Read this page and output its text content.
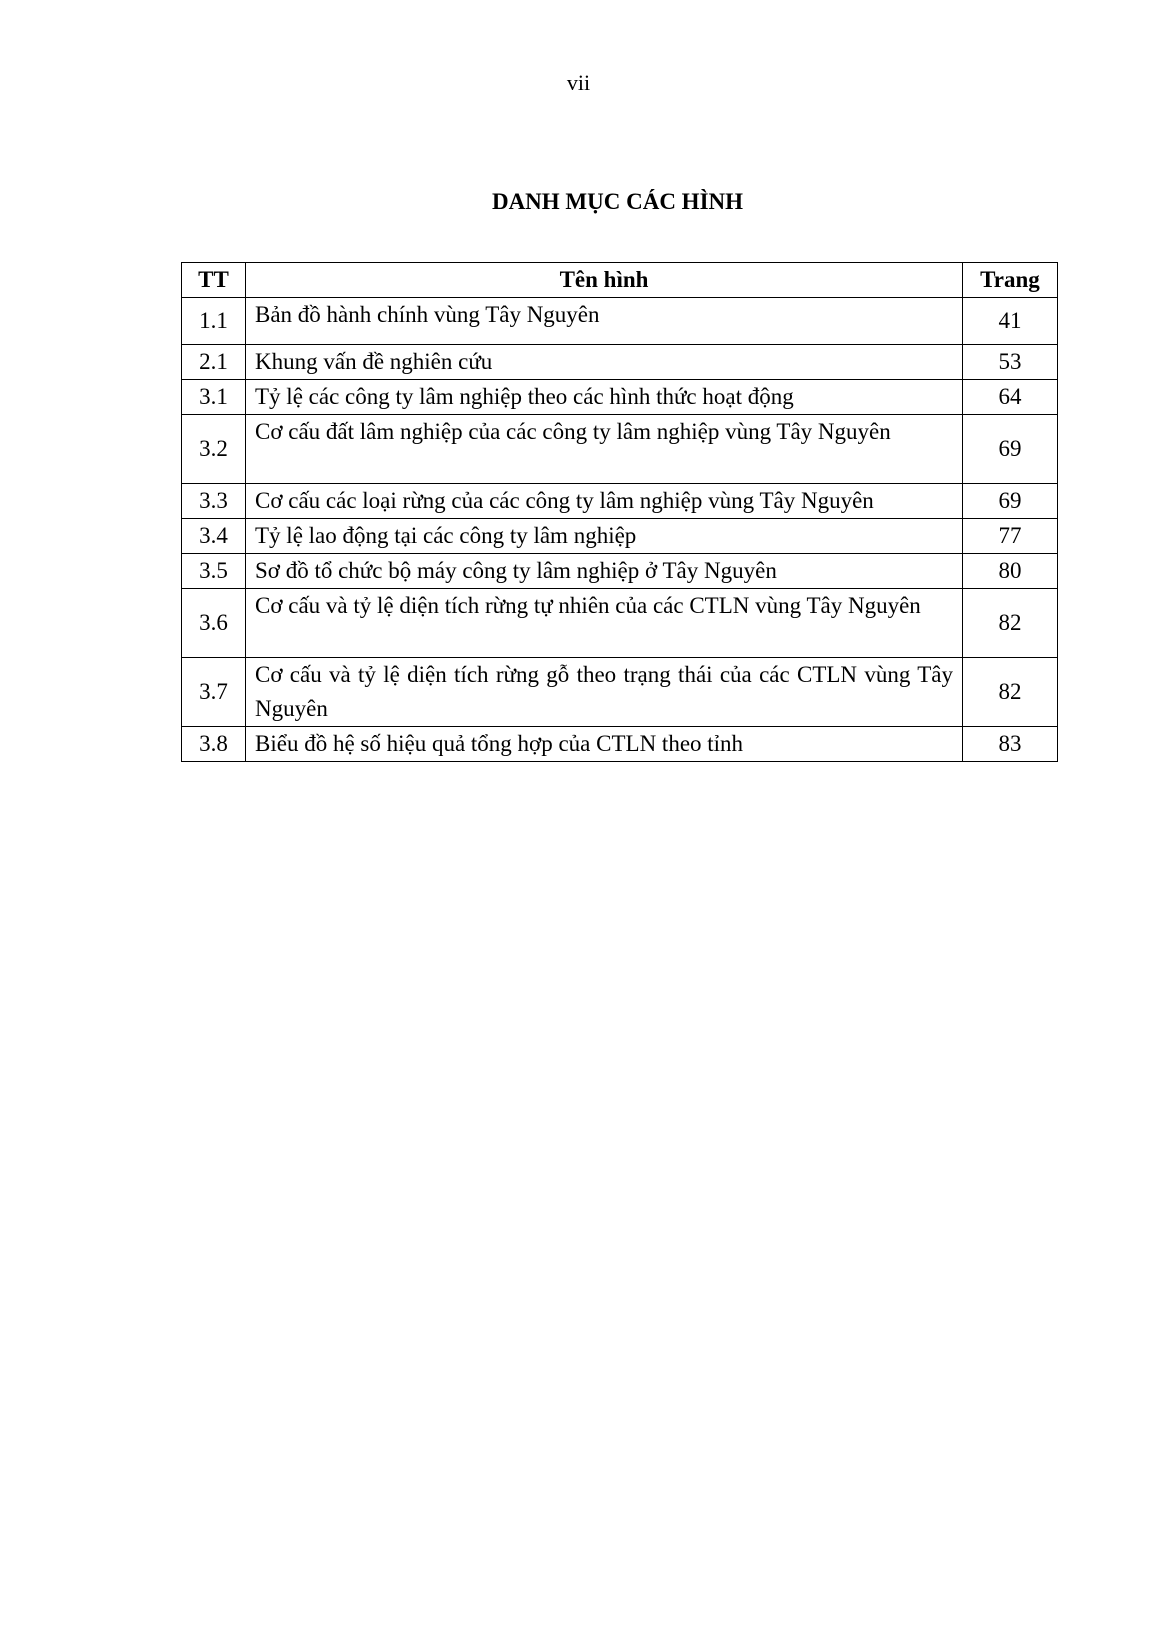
vii
DANH MỤC CÁC HÌNH
TT	Tên hình	Trang
1.1	Bản đồ hành chính vùng Tây Nguyên	41
2.1	Khung vấn đề nghiên cứu	53
3.1	Tỷ lệ các công ty lâm nghiệp theo các hình thức hoạt động	64
3.2	Cơ cấu đất lâm nghiệp của các công ty lâm nghiệp vùng Tây Nguyên	69
3.3	Cơ cấu các loại rừng của các công ty lâm nghiệp vùng Tây Nguyên	69
3.4	Tỷ lệ lao động tại các công ty lâm nghiệp	77
3.5	Sơ đồ tổ chức bộ máy công ty lâm nghiệp ở Tây Nguyên	80
3.6	Cơ cấu và tỷ lệ diện tích rừng tự nhiên của các CTLN vùng Tây Nguyên	82
3.7	Cơ cấu và tỷ lệ diện tích rừng gỗ theo trạng thái của các CTLN vùng Tây Nguyên	82
3.8	Biểu đồ hệ số hiệu quả tổng hợp của CTLN theo tỉnh	83
